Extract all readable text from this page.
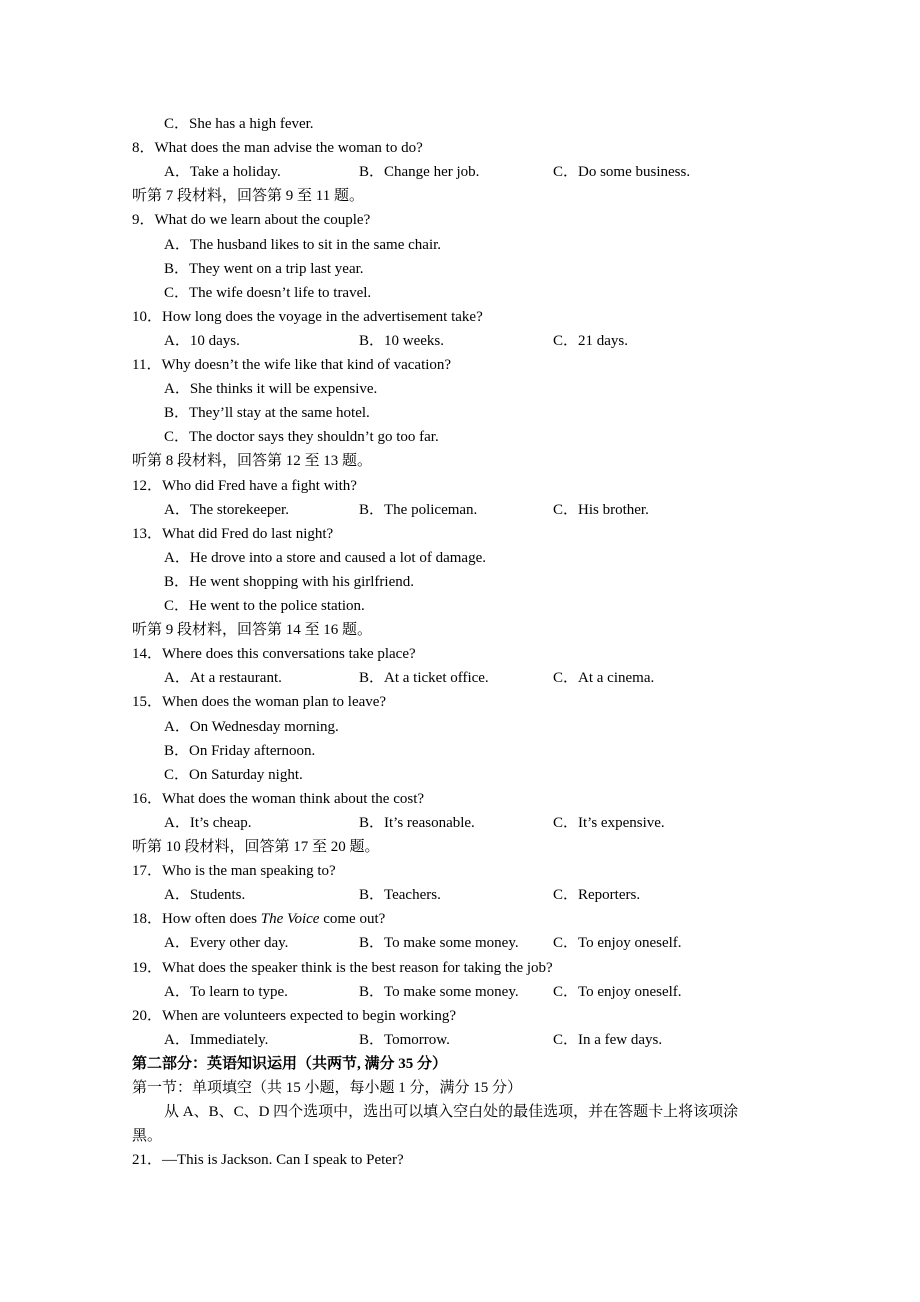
C．She has a high fever.
8．What does the man advise the woman to do?
A．Take a holiday.	B．Change her job.	C．Do some business.
听第 7 段材料，回答第 9 至 11 题。
9．What do we learn about the couple?
A．The husband likes to sit in the same chair.
B．They went on a trip last year.
C．The wife doesn’t life to travel.
10．How long does the voyage in the advertisement take?
A．10 days.	B．10 weeks.	C．21 days.
11．Why doesn’t the wife like that kind of vacation?
A．She thinks it will be expensive.
B．They’ll stay at the same hotel.
C．The doctor says they shouldn’t go too far.
听第 8 段材料，回答第 12 至 13 题。
12．Who did Fred have a fight with?
A．The storekeeper.	B．The policeman.	C．His brother.
13．What did Fred do last night?
A．He drove into a store and caused a lot of damage.
B．He went shopping with his girlfriend.
C．He went to the police station.
听第 9 段材料，回答第 14 至 16 题。
14．Where does this conversations take place?
A．At a restaurant.	B．At a ticket office.	C．At a cinema.
15．When does the woman plan to leave?
A．On Wednesday morning.
B．On Friday afternoon.
C．On Saturday night.
16．What does the woman think about the cost?
A．It’s cheap.	B．It’s reasonable.	C．It’s expensive.
听第 10 段材料，回答第 17 至 20 题。
17．Who is the man speaking to?
A．Students.	B．Teachers.	C．Reporters.
18．How often does The Voice come out?
A．Every other day.	B．To make some money. C．To enjoy oneself.
19．What does the speaker think is the best reason for taking the job?
A．To learn to type.	B．To make some money. C．To enjoy oneself.
20．When are volunteers expected to begin working?
A．Immediately.	B．Tomorrow.	C．In a few days.
第二部分：英语知识运用（共两节, 满分 35 分）
第一节：单项填空（共 15 小题，每小题 1 分，满分 15 分）
从 A、B、C、D 四个选项中，选出可以填入空白处的最佳选项，并在答题卡上将该项涂
黑。
21．—This is Jackson. Can I speak to Peter?
